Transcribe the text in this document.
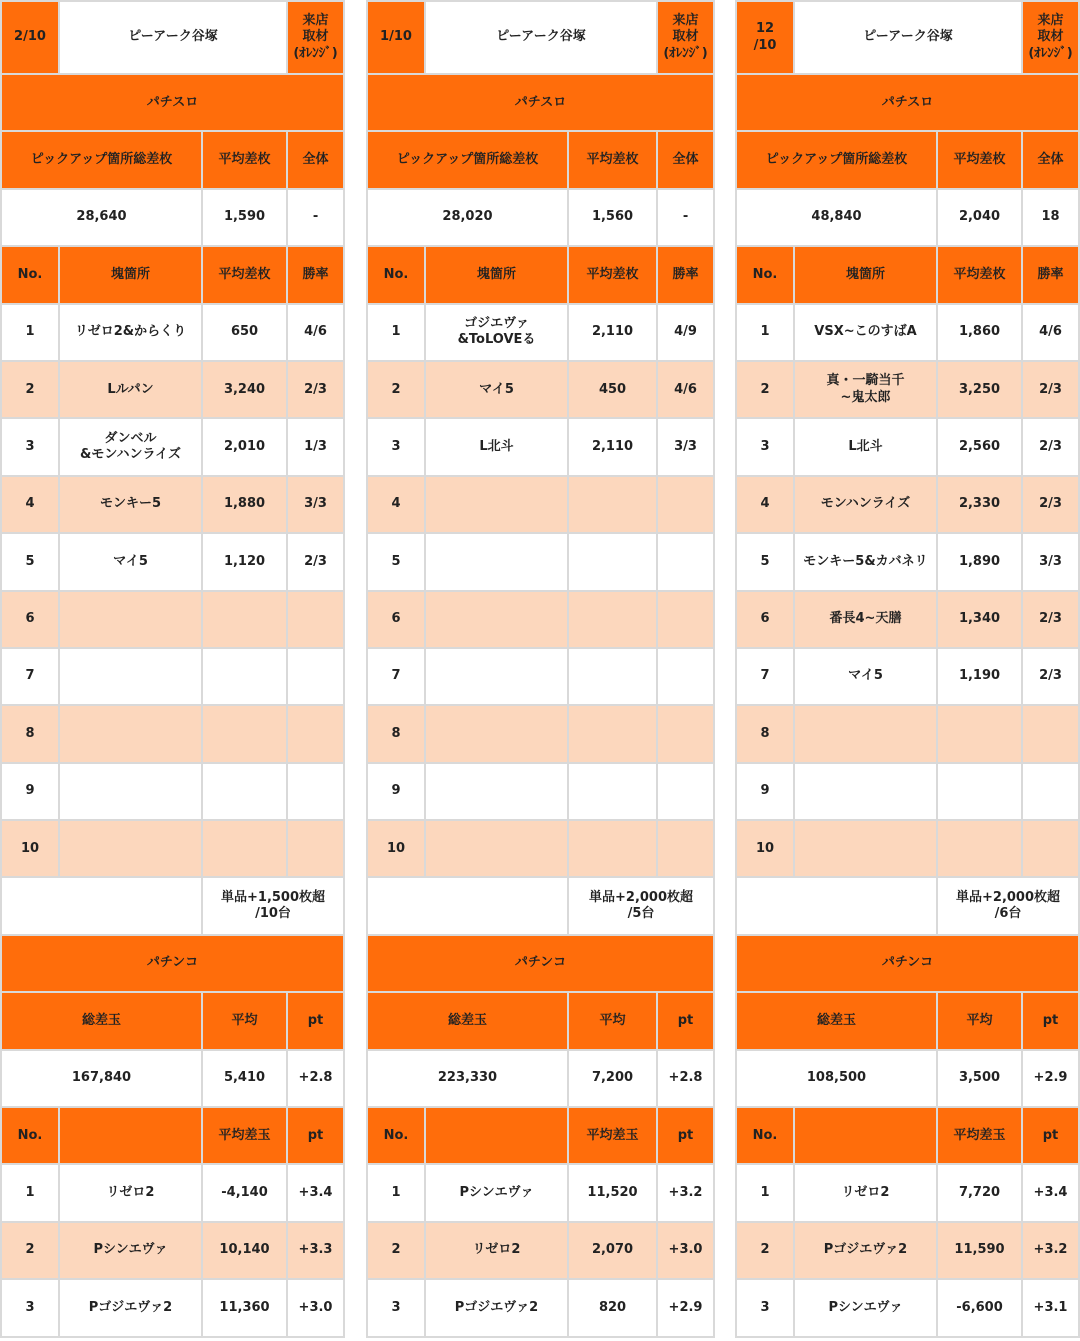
2/10	ピーアーク谷塚		来店
取材
(ｵﾚﾝｼﾞ)

パチスロ			
ピックアップ箇所総差枚		平均差枚	全体
28,640		1,590	-
No.	塊箇所	平均差枚	勝率
1	リゼロ2&からくり	650	4/6
2	Lルパン	3,240	2/3
3	ダンベル
&モンハンライズ	2,010	1/3
4	モンキー5	1,880	3/3
5	マイ5	1,120	2/3
6			
7			
8			
9			
10			
		単品+1,500枚超
/10台	
パチンコ			
総差玉		平均	pt
167,840		5,410	+2.8
No.		平均差玉	pt
1	リゼロ2	-4,140	+3.4
2	Pシンエヴァ	10,140	+3.3
3	Pゴジエヴァ2	11,360	+3.0
1/10	ピーアーク谷塚		来店
取材
(ｵﾚﾝｼﾞ)

パチスロ			
ピックアップ箇所総差枚		平均差枚	全体
28,020		1,560	-
No.	塊箇所	平均差枚	勝率
1	ゴジエヴァ
&ToLOVEる	2,110	4/9
2	マイ5	450	4/6
3	L北斗	2,110	3/3
4			
5			
6			
7			
8			
9			
10			
		単品+2,000枚超
/5台	
パチンコ			
総差玉		平均	pt
223,330		7,200	+2.8
No.		平均差玉	pt
1	Pシンエヴァ	11,520	+3.2
2	リゼロ2	2,070	+3.0
3	Pゴジエヴァ2	820	+2.9
12
/10	ピーアーク谷塚		来店
取材
(ｵﾚﾝｼﾞ)

パチスロ			
ピックアップ箇所総差枚		平均差枚	全体
48,840		2,040	18
No.	塊箇所	平均差枚	勝率
1	VSX~このすばA	1,860	4/6
2	真・一騎当千
~鬼太郎	3,250	2/3
3	L北斗	2,560	2/3
4	モンハンライズ	2,330	2/3
5	モンキー5&カバネリ	1,890	3/3
6	番長4~天膳	1,340	2/3
7	マイ5	1,190	2/3
8			
9			
10			
		単品+2,000枚超
/6台	
パチンコ			
総差玉		平均	pt
108,500		3,500	+2.9
No.		平均差玉	pt
1	リゼロ2	7,720	+3.4
2	Pゴジエヴァ2	11,590	+3.2
3	Pシンエヴァ	-6,600	+3.1
